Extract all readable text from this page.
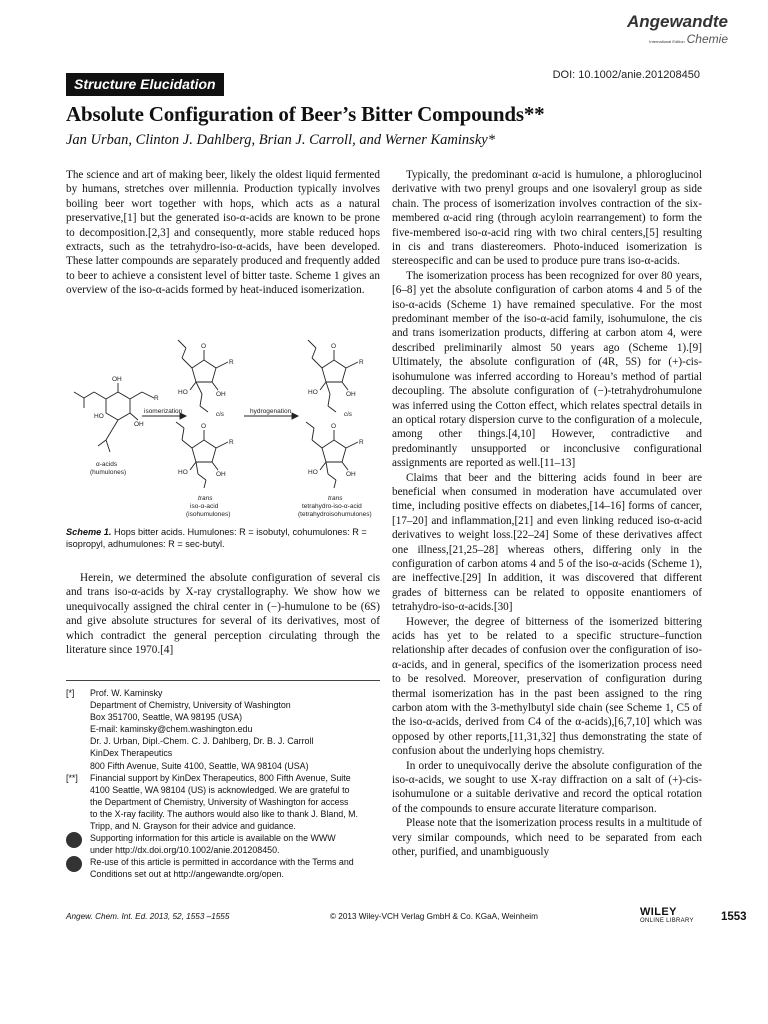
Angewandte
International Edition Chemie
Structure Elucidation
DOI: 10.1002/anie.201208450
Absolute Configuration of Beer’s Bitter Compounds**
Jan Urban, Clinton J. Dahlberg, Brian J. Carroll, and Werner Kaminsky*

The science and art of making beer, likely the oldest liquid fermented by humans, stretches over millennia. Production typically involves boiling beer wort together with hops, which acts as a natural preservative,[1] but the generated iso-α-acids are known to be prone to decomposition.[2,3] and consequently, more stable reduced hops extracts, such as the tetrahydro-iso-α-acids, have been developed. These latter compounds are separately produced and frequently added to beer to achieve a consistent level of bitter taste. Scheme 1 gives an overview of the iso-α-acids formed by heat-induced isomerization.

OH
HO
OH
R
α-acids
(humulones)
isomerization	hydrogenation
O
R
HO	OH
cis
O
R
HO	OH
trans
iso-α-acid
(isohumulones)
O
R
HO	OH
cis
O
R
HO	OH
trans
tetrahydro-iso-α-acid
(tetrahydroisohumulones)
Scheme 1. Hops bitter acids. Humulones: R = isobutyl, cohumulones: R = isopropyl, adhumulones: R = sec-butyl.

Herein, we determined the absolute configuration of several cis and trans iso-α-acids by X-ray crystallography. We show how we unequivocally assigned the chiral center in (−)-humulone to be (6S) and give absolute structures for several of its derivatives, most of which contradict the general perception circulating through the literature since 1970.[4]

[*]	Prof. W. Kaminsky
Department of Chemistry, University of Washington
Box 351700, Seattle, WA 98195 (USA)
E-mail: kaminsky@chem.washington.edu
Dr. J. Urban, Dipl.-Chem. C. J. Dahlberg, Dr. B. J. Carroll
KinDex Therapeutics
800 Fifth Avenue, Suite 4100, Seattle, WA 98104 (USA)
[**]	Financial support by KinDex Therapeutics, 800 Fifth Avenue, Suite
4100 Seattle, WA 98104 (US) is acknowledged. We are grateful to
the Department of Chemistry, University of Washington for access
to the X-ray facility. The authors would also like to thank J. Bland, M.
Tripp, and N. Grayson for their advice and guidance.
Supporting information for this article is available on the WWW
under http://dx.doi.org/10.1002/anie.201208450.
Re-use of this article is permitted in accordance with the Terms and
Conditions set out at http://angewandte.org/open.

Typically, the predominant α-acid is humulone, a phloroglucinol derivative with two prenyl groups and one isovaleryl group as side chain. The process of isomerization involves contraction of the six-membered α-acid ring (through acyloin rearrangement) to form the five-membered iso-α-acid ring with two chiral centers,[5] resulting in cis and trans diastereomers. Photo-induced isomerization is stereospecific and can be used to produce pure trans iso-α-acids.

The isomerization process has been recognized for over 80 years,[6–8] yet the absolute configuration of carbon atoms 4 and 5 of the iso-α-acids (Scheme 1) have remained speculative. For the most predominant member of the iso-α-acid family, isohumulone, the cis and trans isomerization products, differing at carbon atom 4, were described preliminarily almost 50 years ago (Scheme 1).[9] Ultimately, the absolute configuration of (4R, 5S) for (+)-cis-isohumulone was inferred according to Horeau’s method of partial decoupling. The absolute configuration of (−)-tetrahydrohumulone was inferred using the Cotton effect, which relates spectral details in an optical rotary dispersion curve to the configuration of a molecule, among other things.[4,10] However, contradictive and predominantly unsupported or inconclusive configurational assignments are reported as well.[11–13]

Claims that beer and the bittering acids found in beer are beneficial when consumed in moderation have accumulated over time, including positive effects on diabetes,[14–16] forms of cancer,[17–20] and inflammation,[21] and even linking reduced iso-α-acid derivatives to weight loss.[22–24] Some of these derivatives affect one illness,[21,25–28] whereas others, differing only in the configuration of carbon atoms 4 and 5 of the iso-α-acids (Scheme 1), are ineffective.[29] In addition, it was discovered that different grades of bitterness can be related to opposite enantiomers of tetrahydro-iso-α-acids.[30]

However, the degree of bitterness of the isomerized bittering acids has yet to be related to a specific structure–function relationship after decades of confusion over the configuration of iso-α-acids, and in general, specifics of the isomerization process need to be resolved. Moreover, preservation of configuration during thermal isomerization has in the past been assigned to the ring carbon atom with the 3-methylbutyl side chain (see Scheme 1, C5 of the iso-α-acids, derived from C4 of the α-acids),[6,7,10] which was opposed by other reports,[11,31,32] thus demonstrating the state of confusion about the underlying hops chemistry.

In order to unequivocally derive the absolute configuration of the iso-α-acids, we sought to use X-ray diffraction on a salt of (+)-cis-isohumulone or a suitable derivative and record the optical rotation of the compounds to ensure accurate literature comparison.

Please note that the isomerization process results in a multitude of very similar compounds, which need to be separated from each other, purified, and unambiguously

Angew. Chem. Int. Ed. 2013, 52, 1553 –1555	© 2013 Wiley-VCH Verlag GmbH & Co. KGaA, Weinheim	WILEY
ONLINE LIBRARY 1553
